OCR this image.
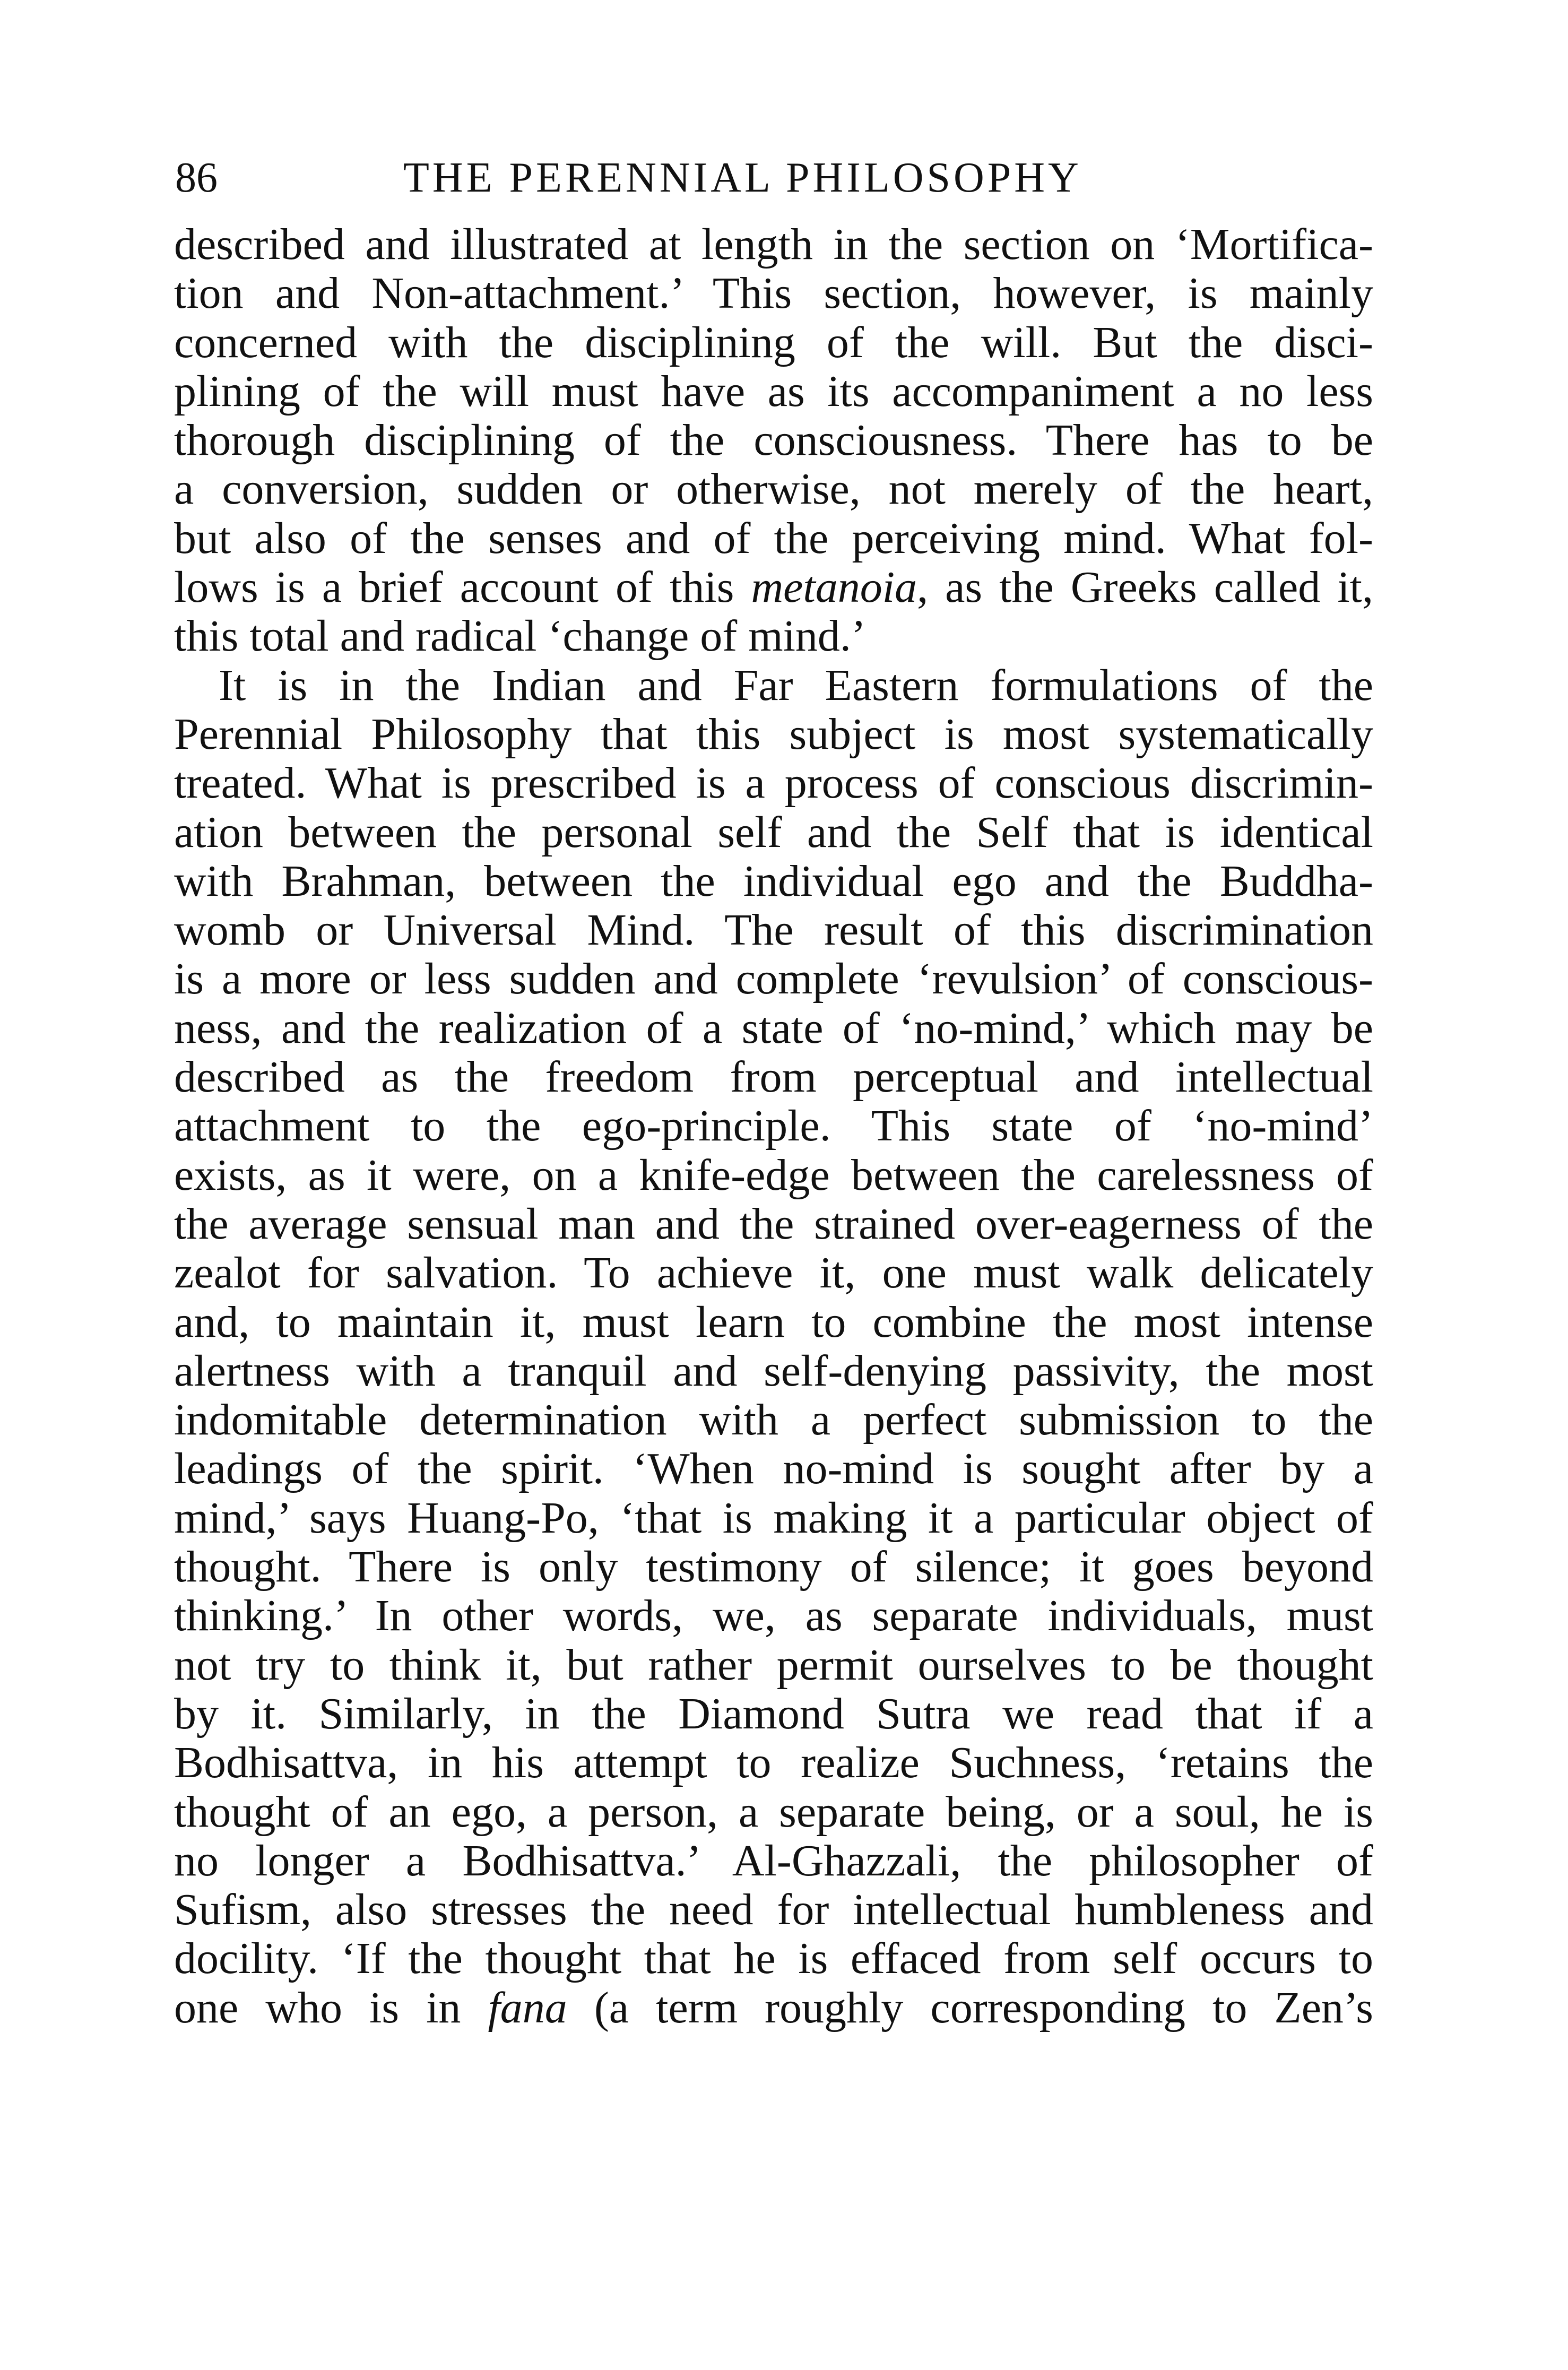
86	THE PERENNIAL PHILOSOPHY
described and illustrated at length in the section on ‘Mortifica-
tion and Non-attachment.’ This section, however, is mainly
concerned with the disciplining of the will. But the disci-
plining of the will must have as its accompaniment a no less
thorough disciplining of the consciousness. There has to be
a conversion, sudden or otherwise, not merely of the heart,
but also of the senses and of the perceiving mind. What fol-
lows is a brief account of this metanoia, as the Greeks called it,
this total and radical ‘change of mind.’
It is in the Indian and Far Eastern formulations of the
Perennial Philosophy that this subject is most systematically
treated. What is prescribed is a process of conscious discrimin-
ation between the personal self and the Self that is identical
with Brahman, between the individual ego and the Buddha-
womb or Universal Mind. The result of this discrimination
is a more or less sudden and complete ‘revulsion’ of conscious-
ness, and the realization of a state of ‘no-mind,’ which may be
described as the freedom from perceptual and intellectual
attachment to the ego-principle. This state of ‘no-mind’
exists, as it were, on a knife-edge between the carelessness of
the average sensual man and the strained over-eagerness of the
zealot for salvation. To achieve it, one must walk delicately
and, to maintain it, must learn to combine the most intense
alertness with a tranquil and self-denying passivity, the most
indomitable determination with a perfect submission to the
leadings of the spirit. ‘When no-mind is sought after by a
mind,’ says Huang-Po, ‘that is making it a particular object of
thought. There is only testimony of silence; it goes beyond
thinking.’ In other words, we, as separate individuals, must
not try to think it, but rather permit ourselves to be thought
by it. Similarly, in the Diamond Sutra we read that if a
Bodhisattva, in his attempt to realize Suchness, ‘retains the
thought of an ego, a person, a separate being, or a soul, he is
no longer a Bodhisattva.’ Al-Ghazzali, the philosopher of
Sufism, also stresses the need for intellectual humbleness and
docility. ‘If the thought that he is effaced from self occurs to
one who is in fana (a term roughly corresponding to Zen’s
